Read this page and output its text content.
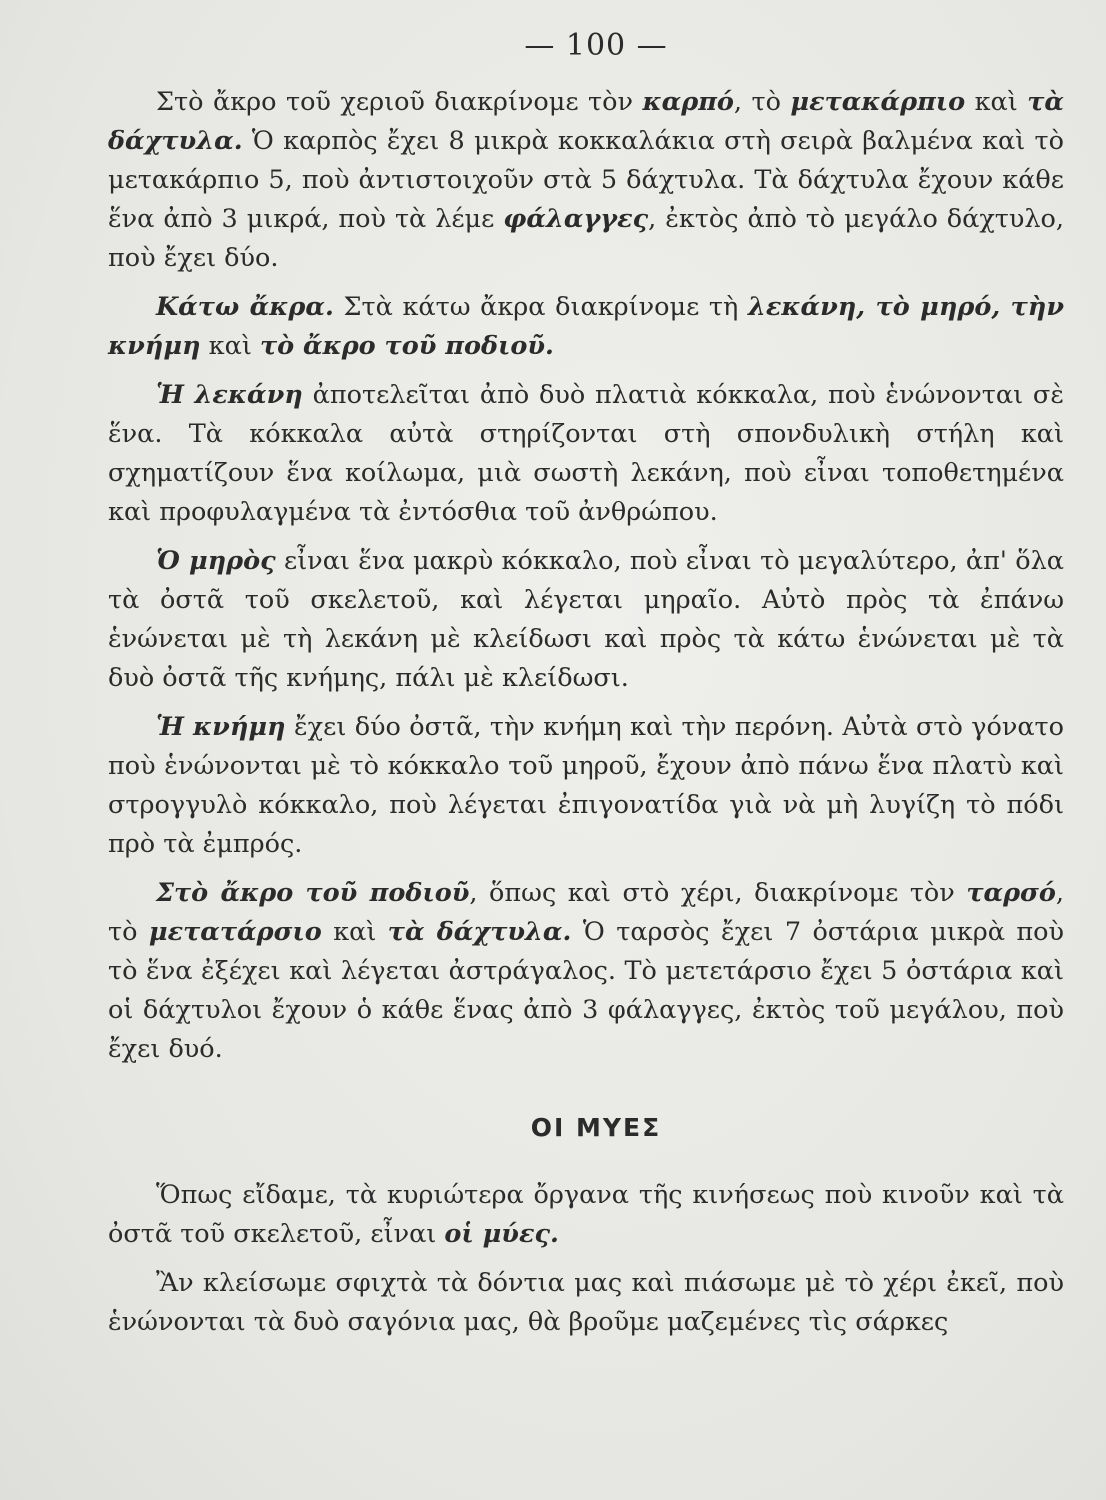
— 100 —

Στὸ ἄκρο τοῦ χεριοῦ διακρίνομε τὸν καρπό, τὸ μετακάρπιο καὶ τὰ δάχτυλα. Ὁ καρπὸς ἔχει 8 μικρὰ κοκκαλάκια στὴ σειρὰ βαλμένα καὶ τὸ μετακάρπιο 5, ποὺ ἀντιστοιχοῦν στὰ 5 δάχτυλα. Τὰ δάχτυλα ἔχουν κάθε ἕνα ἀπὸ 3 μικρά, ποὺ τὰ λέμε φάλαγγες, ἐκτὸς ἀπὸ τὸ μεγάλο δάχτυλο, ποὺ ἔχει δύο.

Κάτω ἄκρα. Στὰ κάτω ἄκρα διακρίνομε τὴ λεκάνη, τὸ μηρό, τὴν κνήμη καὶ τὸ ἄκρο τοῦ ποδιοῦ.

Ἡ λεκάνη ἀποτελεῖται ἀπὸ δυὸ πλατιὰ κόκκαλα, ποὺ ἑνώνονται σὲ ἕνα. Τὰ κόκκαλα αὐτὰ στηρίζονται στὴ σπονδυλικὴ στήλη καὶ σχηματίζουν ἕνα κοίλωμα, μιὰ σωστὴ λεκάνη, ποὺ εἶναι τοποθετημένα καὶ προφυλαγμένα τὰ ἐντόσθια τοῦ ἀνθρώπου.

Ὁ μηρὸς εἶναι ἕνα μακρὺ κόκκαλο, ποὺ εἶναι τὸ μεγαλύτερο, ἀπ' ὅλα τὰ ὀστᾶ τοῦ σκελετοῦ, καὶ λέγεται μηραῖο. Αὐτὸ πρὸς τὰ ἐπάνω ἑνώνεται μὲ τὴ λεκάνη μὲ κλείδωσι καὶ πρὸς τὰ κάτω ἑνώνεται μὲ τὰ δυὸ ὀστᾶ τῆς κνήμης, πάλι μὲ κλείδωσι.

Ἡ κνήμη ἔχει δύο ὀστᾶ, τὴν κνήμη καὶ τὴν περόνη. Αὐτὰ στὸ γόνατο ποὺ ἑνώνονται μὲ τὸ κόκκαλο τοῦ μηροῦ, ἔχουν ἀπὸ πάνω ἕνα πλατὺ καὶ στρογγυλὸ κόκκαλο, ποὺ λέγεται ἐπιγονατίδα γιὰ νὰ μὴ λυγίζη τὸ πόδι πρὸ τὰ ἐμπρός.

Στὸ ἄκρο τοῦ ποδιοῦ, ὅπως καὶ στὸ χέρι, διακρίνομε τὸν ταρσό, τὸ μετατάρσιο καὶ τὰ δάχτυλα. Ὁ ταρσὸς ἔχει 7 ὀστάρια μικρὰ ποὺ τὸ ἕνα ἐξέχει καὶ λέγεται ἀστράγαλος. Τὸ μετετάρσιο ἔχει 5 ὀστάρια καὶ οἱ δάχτυλοι ἔχουν ὁ κάθε ἕνας ἀπὸ 3 φάλαγγες, ἐκτὸς τοῦ μεγάλου, ποὺ ἔχει δυό.

ΟΙ ΜΥΕΣ

Ὅπως εἴδαμε, τὰ κυριώτερα ὄργανα τῆς κινήσεως ποὺ κινοῦν καὶ τὰ ὀστᾶ τοῦ σκελετοῦ, εἶναι οἱ μύες.

Ἂν κλείσωμε σφιχτὰ τὰ δόντια μας καὶ πιάσωμε μὲ τὸ χέρι ἐκεῖ, ποὺ ἑνώνονται τὰ δυὸ σαγόνια μας, θὰ βροῦμε μαζεμένες τὶς σάρκες
